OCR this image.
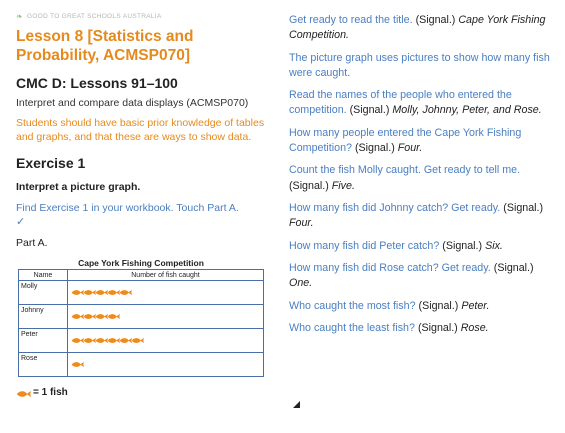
❧ GOOD TO GREAT SCHOOLS AUSTRALIA
Lesson 8 [Statistics and Probability, ACMSP070]
CMC D: Lessons 91–100
Interpret and compare data displays (ACMSP070)
Students should have basic prior knowledge of tables and graphs, and that these are ways to show data.
Exercise 1
Interpret a picture graph.
Find Exercise 1 in your workbook. Touch Part A.
✓
Part A.
Cape York Fishing Competition
Name	Number of fish caught
Molly	
Johnny	
Peter	
Rose	
= 1 fish
Get ready to read the title. (Signal.) Cape York Fishing Competition.
The picture graph uses pictures to show how many fish were caught.
Read the names of the people who entered the competition. (Signal.) Molly, Johnny, Peter, and Rose.
How many people entered the Cape York Fishing Competition? (Signal.) Four.
Count the fish Molly caught. Get ready to tell me. (Signal.) Five.
How many fish did Johnny catch? Get ready. (Signal.) Four.
How many fish did Peter catch? (Signal.) Six.
How many fish did Rose catch? Get ready. (Signal.) One.
Who caught the most fish? (Signal.) Peter.
Who caught the least fish? (Signal.) Rose.
